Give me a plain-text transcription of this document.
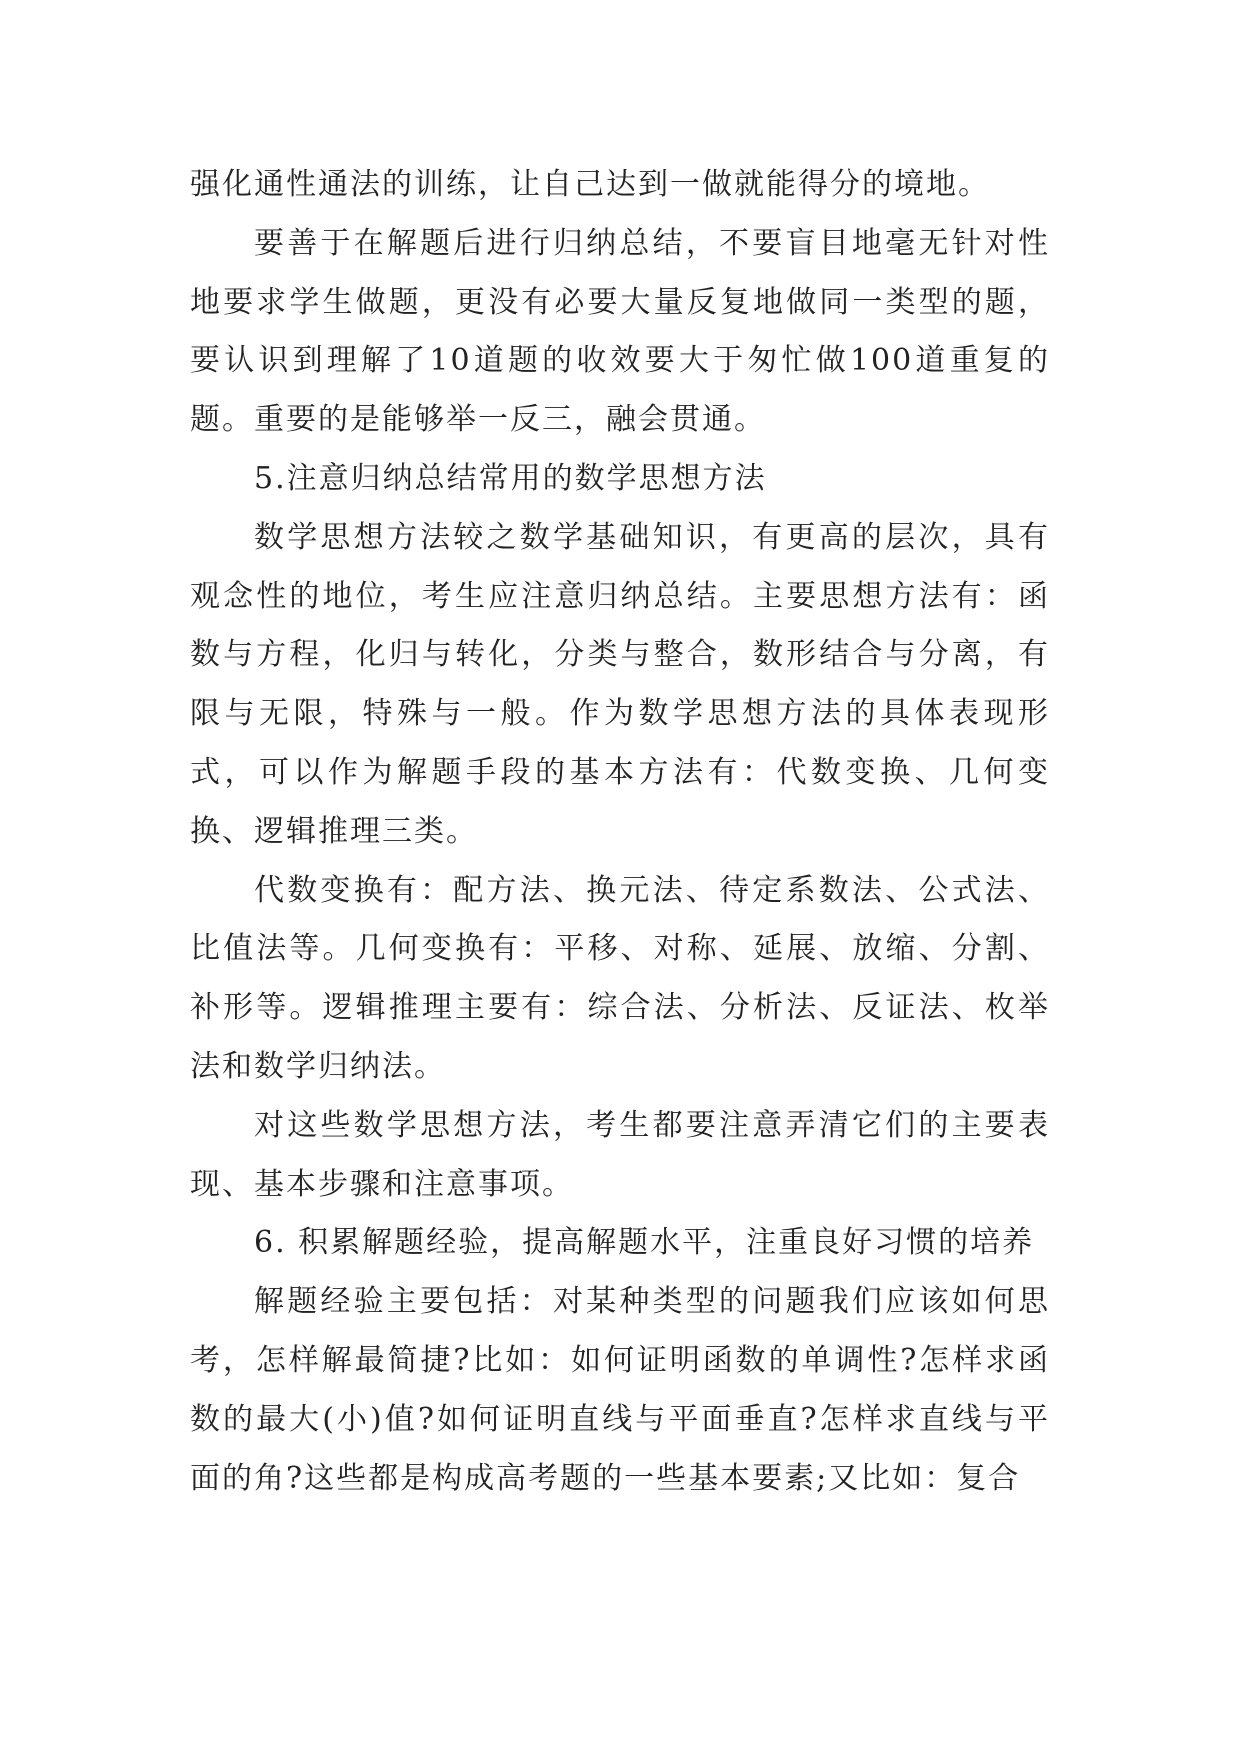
强化通性通法的训练，让自己达到一做就能得分的境地。

要善于在解题后进行归纳总结，不要盲目地毫无针对性地要求学生做题，更没有必要大量反复地做同一类型的题，要认识到理解了10道题的收效要大于匆忙做100道重复的题。重要的是能够举一反三，融会贯通。

5.注意归纳总结常用的数学思想方法

数学思想方法较之数学基础知识，有更高的层次，具有观念性的地位，考生应注意归纳总结。主要思想方法有：函数与方程，化归与转化，分类与整合，数形结合与分离，有限与无限，特殊与一般。作为数学思想方法的具体表现形式，可以作为解题手段的基本方法有：代数变换、几何变换、逻辑推理三类。

代数变换有：配方法、换元法、待定系数法、公式法、比值法等。几何变换有：平移、对称、延展、放缩、分割、补形等。逻辑推理主要有：综合法、分析法、反证法、枚举法和数学归纳法。

对这些数学思想方法，考生都要注意弄清它们的主要表现、基本步骤和注意事项。

6. 积累解题经验，提高解题水平，注重良好习惯的培养

解题经验主要包括：对某种类型的问题我们应该如何思考，怎样解最简捷?比如：如何证明函数的单调性?怎样求函数的最大(小)值?如何证明直线与平面垂直?怎样求直线与平面的角?这些都是构成高考题的一些基本要素;又比如：复合
